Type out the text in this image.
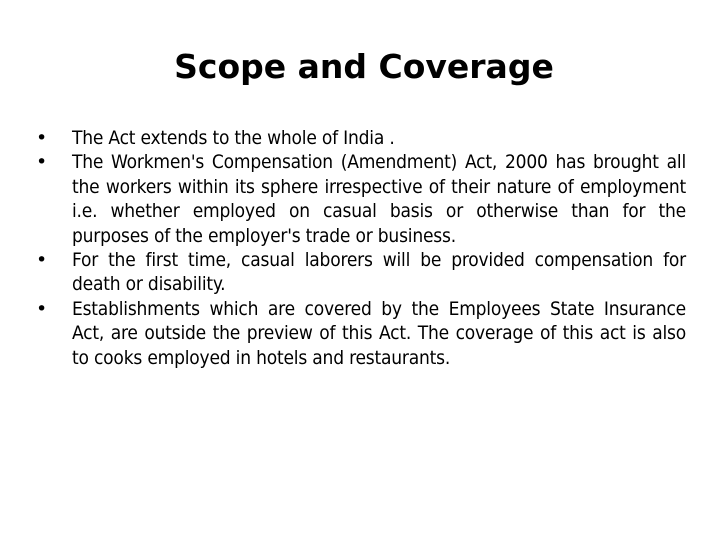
Scope and Coverage
•	The Act extends to the whole of India .
•	The Workmen's Compensation (Amendment) Act, 2000 has brought all the workers within its sphere irrespective of their nature of employment i.e. whether employed on casual basis or otherwise than for the purposes of the employer's trade or business.
•	For the first time, casual laborers will be provided compensation for death or disability.
•	Establishments which are covered by the Employees State Insurance Act, are outside the preview of this Act. The coverage of this act is also to cooks employed in hotels and restaurants.
